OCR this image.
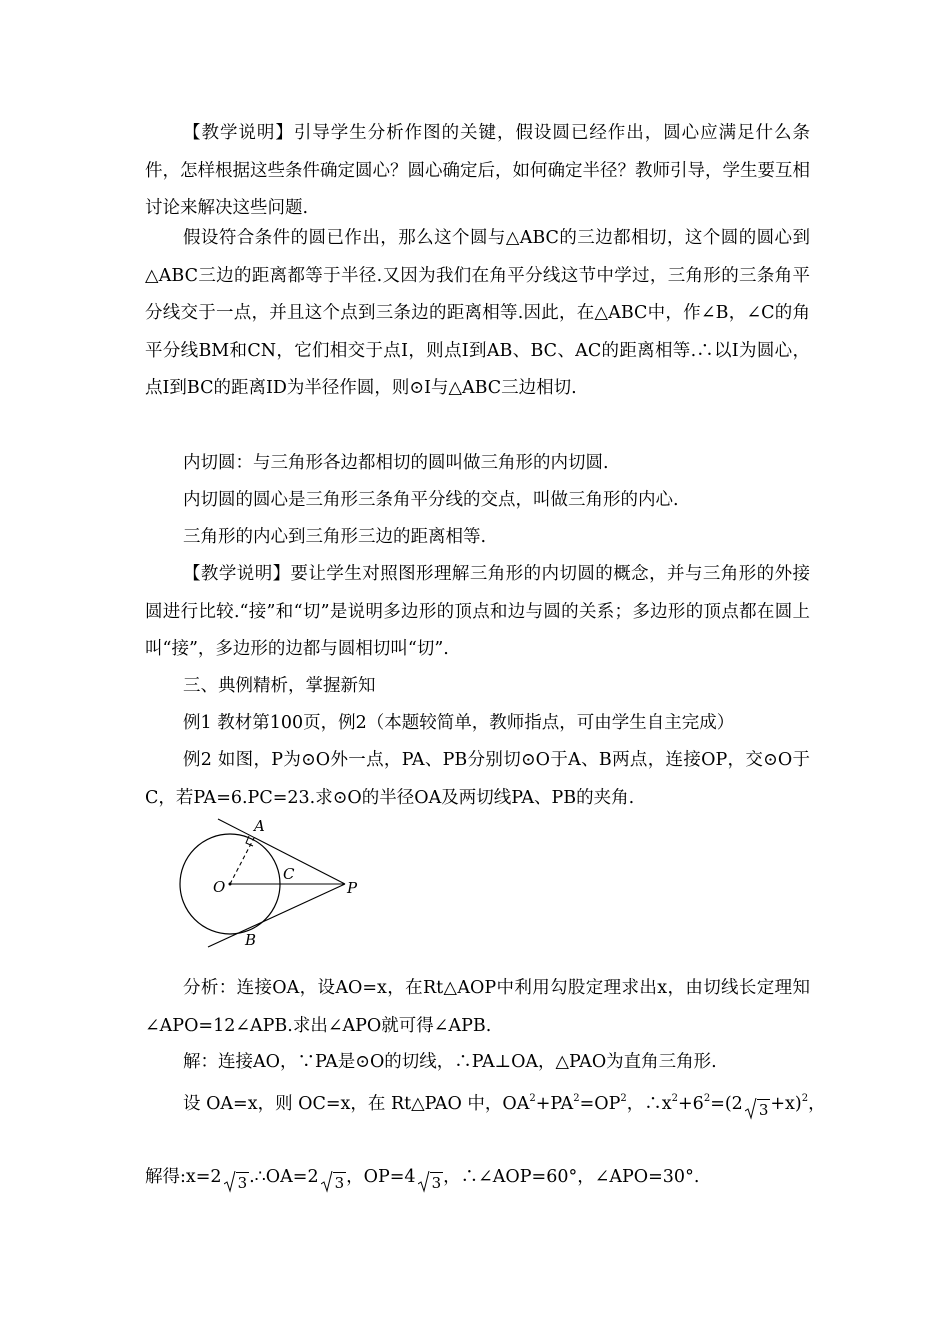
【教学说明】引导学生分析作图的关键，假设圆已经作出，圆心应满足什么条件，怎样根据这些条件确定圆心？圆心确定后，如何确定半径？教师引导，学生要互相讨论来解决这些问题.

假设符合条件的圆已作出，那么这个圆与△ABC的三边都相切，这个圆的圆心到△ABC三边的距离都等于半径.又因为我们在角平分线这节中学过，三角形的三条角平分线交于一点，并且这个点到三条边的距离相等.因此，在△ABC中，作∠B，∠C的角平分线BM和CN，它们相交于点I，则点I到AB、BC、AC的距离相等.∴以I为圆心，点I到BC的距离ID为半径作圆，则⊙I与△ABC三边相切.

内切圆：与三角形各边都相切的圆叫做三角形的内切圆.

内切圆的圆心是三角形三条角平分线的交点，叫做三角形的内心.

三角形的内心到三角形三边的距离相等.

【教学说明】要让学生对照图形理解三角形的内切圆的概念，并与三角形的外接圆进行比较.“接”和“切”是说明多边形的顶点和边与圆的关系；多边形的顶点都在圆上叫“接”，多边形的边都与圆相切叫“切”.

三、典例精析，掌握新知

例1 教材第100页，例2（本题较简单，教师指点，可由学生自主完成）

例2 如图，P为⊙O外一点，PA、PB分别切⊙O于A、B两点，连接OP，交⊙O于C，若PA=6.PC=23.求⊙O的半径OA及两切线PA、PB的夹角.

A
O
C
P
B

分析：连接OA，设AO=x，在Rt△AOP中利用勾股定理求出x，由切线长定理知∠APO=12∠APB.求出∠APO就可得∠APB.

解：连接AO，∵PA是⊙O的切线，∴PA⊥OA，△PAO为直角三角形.

设 OA=x，则 OC=x，在 Rt△PAO 中，$OA^2+PA^2=OP^2$，$\therefore x^2+6^2=(2$ 3 +x)$^2$，
解得:x=2 3 .∴OA=2 3 ，OP=4 3 ，∴∠AOP=60°，∠APO=30°.
